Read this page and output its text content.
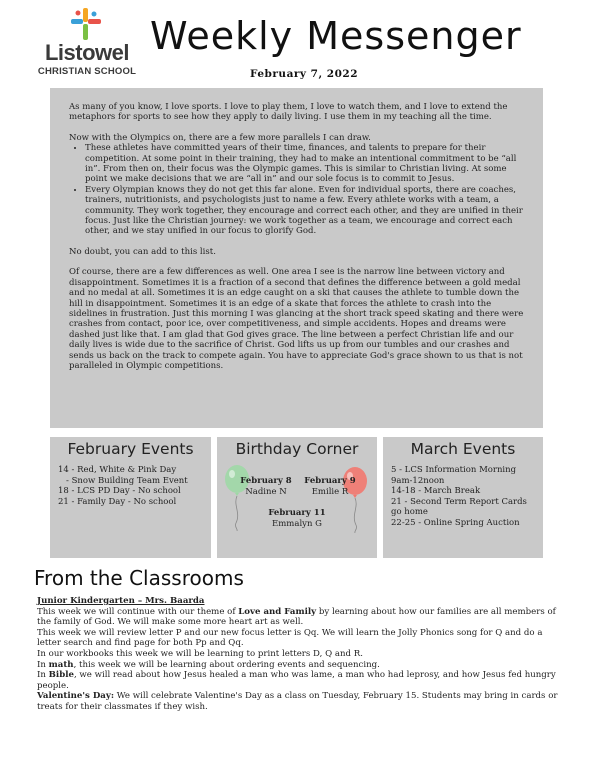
Listowel
CHRISTIAN SCHOOL
Weekly Messenger
February 7, 2022

As many of you know, I love sports. I love to play them, I love to watch them, and I love to extend the metaphors for sports to see how they apply to daily living. I use them in my teaching all the time.

Now with the Olympics on, there are a few more parallels I can draw.

• These athletes have committed years of their time, finances, and talents to prepare for their competition. At some point in their training, they had to make an intentional commitment to be “all in”. From then on, their focus was the Olympic games. This is similar to Christian living. At some point we make decisions that we are “all in” and our sole focus is to commit to Jesus.
• Every Olympian knows they do not get this far alone. Even for individual sports, there are coaches, trainers, nutritionists, and psychologists just to name a few. Every athlete works with a team, a community. They work together, they encourage and correct each other, and they are unified in their focus. Just like the Christian journey: we work together as a team, we encourage and correct each other, and we stay unified in our focus to glorify God.

No doubt, you can add to this list.

Of course, there are a few differences as well. One area I see is the narrow line between victory and disappointment. Sometimes it is a fraction of a second that defines the difference between a gold medal and no medal at all. Sometimes it is an edge caught on a ski that causes the athlete to tumble down the hill in disappointment. Sometimes it is an edge of a skate that forces the athlete to crash into the sidelines in frustration. Just this morning I was glancing at the short track speed skating and there were crashes from contact, poor ice, over competitiveness, and simple accidents. Hopes and dreams were dashed just like that. I am glad that God gives grace. The line between a perfect Christian life and our daily lives is wide due to the sacrifice of Christ. God lifts us up from our tumbles and our crashes and sends us back on the track to compete again. You have to appreciate God's grace shown to us that is not paralleled in Olympic competitions.

February Events
14 - Red, White & Pink Day
- Snow Building Team Event
18 - LCS PD Day - No school
21 - Family Day - No school
Birthday Corner
February 8
Nadine N
February 9
Emilie R
February 11
Emmalyn G
March Events
5 - LCS Information Morning 9am-12noon
14-18 - March Break
21 - Second Term Report Cards go home
22-25 - Online Spring Auction
From the Classrooms

Junior Kindergarten – Mrs. Baarda

This week we will continue with our theme of Love and Family by learning about how our families are all members of the family of God. We will make some more heart art as well.

This week we will review letter P and our new focus letter is Qq. We will learn the Jolly Phonics song for Q and do a letter search and find page for both Pp and Qq.

In our workbooks this week we will be learning to print letters D, Q and R.

In math, this week we will be learning about ordering events and sequencing.

In Bible, we will read about how Jesus healed a man who was lame, a man who had leprosy, and how Jesus fed hungry people.

Valentine's Day: We will celebrate Valentine's Day as a class on Tuesday, February 15. Students may bring in cards or treats for their classmates if they wish.
